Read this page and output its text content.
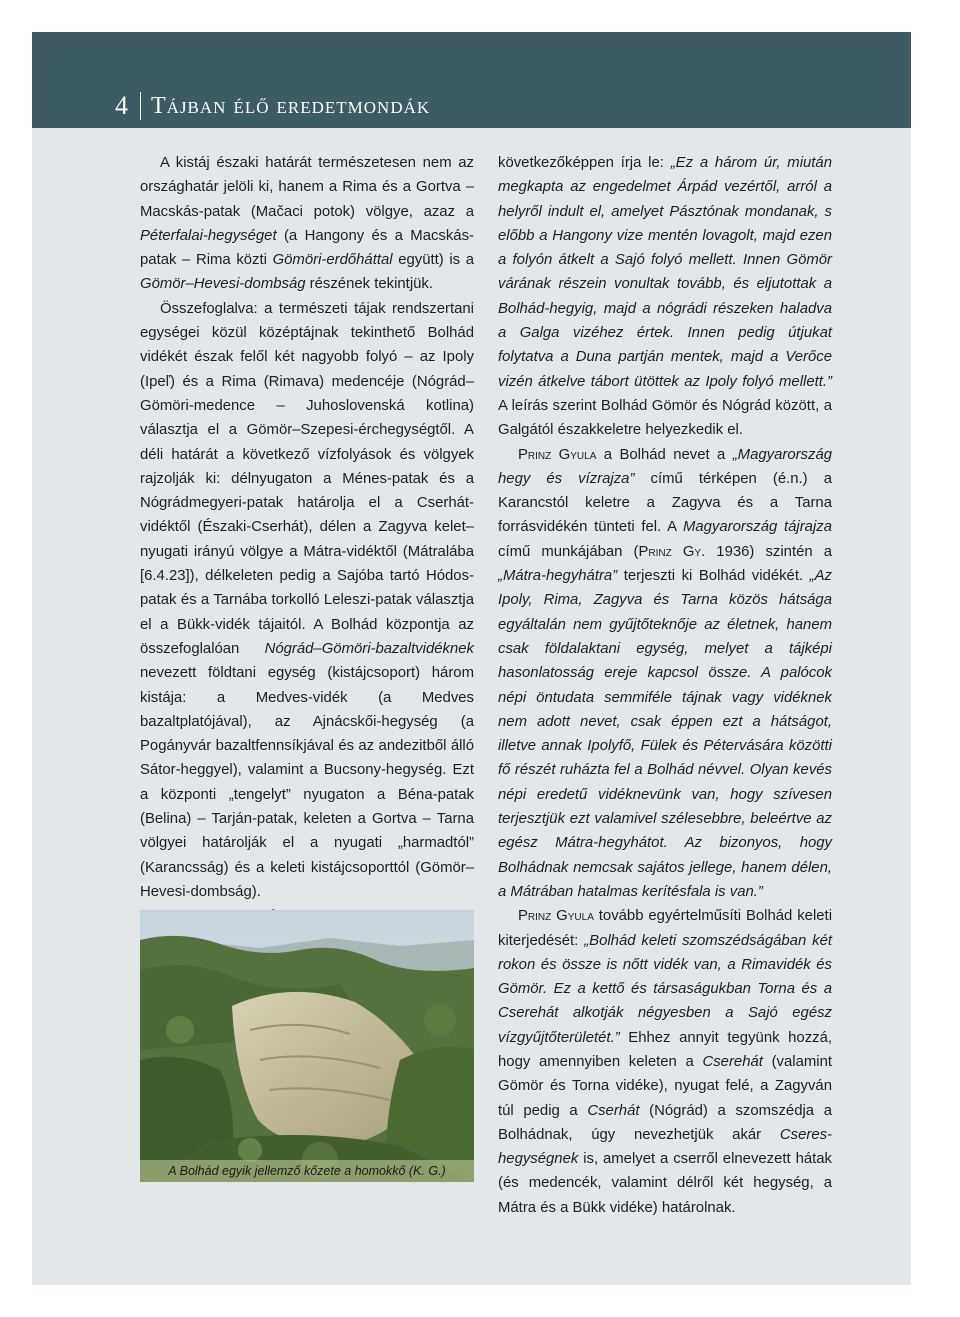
4 Tájban élő eredetmondák

A kistáj északi határát természetesen nem az országhatár jelöli ki, hanem a Rima és a Gortva – Macskás-patak (Mačaci potok) völgye, azaz a Péterfalai-hegységet (a Hangony és a Macskás-patak – Rima közti Gömöri-erdőháttal együtt) is a Gömör–Hevesi-dombság részének tekintjük.

Összefoglalva: a természeti tájak rendszertani egységei közül középtájnak tekinthető Bolhád vidékét észak felől két nagyobb folyó – az Ipoly (Ipeľ) és a Rima (Rimava) medencéje (Nógrád–Gömöri-medence – Juhoslovenská kotlina) választja el a Gömör–Szepesi-érchegységtől. A déli határát a következő vízfolyások és völgyek rajzolják ki: délnyugaton a Ménes-patak és a Nógrádmegyeri-patak határolja el a Cserhát-vidéktől (Északi-Cserhát), délen a Zagyva kelet–nyugati irányú völgye a Mátra-vidéktől (Mátralába [6.4.23]), délkeleten pedig a Sajóba tartó Hódos-patak és a Tarnába torkolló Leleszi-patak választja el a Bükk-vidék tájaitól. A Bolhád központja az összefoglalóan Nógrád–Gömöri-bazaltvidéknek nevezett földtani egység (kistájcsoport) három kistája: a Medves-vidék (a Medves bazaltplatójával), az Ajnácskői-hegység (a Pogányvár bazaltfennsíkjával és az andezitből álló Sátor-heggyel), valamint a Bucsony-hegység. Ezt a központi „tengelyt” nyugaton a Béna-patak (Belina) – Tarján-patak, keleten a Gortva – Tarna völgyei határolják el a nyugati „harmadtól” (Karancsság) és a keleti kistájcsoporttól (Gömör–Hevesi-dombság).

A Bolhád egyik jellemző kőzete a homokkő (K. G.)

következőképpen írja le: „Ez a három úr, miután megkapta az engedelmet Árpád vezértől, arról a helyről indult el, amelyet Pásztónak mondanak, s előbb a Hangony vize mentén lovagolt, majd ezen a folyón átkelt a Sajó folyó mellett. Innen Gömör várának részein vonultak tovább, és eljutottak a Bolhád-hegyig, majd a nógrádi részeken haladva a Galga vizéhez értek. Innen pedig útjukat folytatva a Duna partján mentek, majd a Verőce vizén átkelve tábort ütöttek az Ipoly folyó mellett.” A leírás szerint Bolhád Gömör és Nógrád között, a Galgától északkeletre helyezkedik el.

Prinz Gyula a Bolhád nevet a „Magyarország hegy és vízrajza” című térképen (é.n.) a Karancstól keletre a Zagyva és a Tarna forrásvidékén tünteti fel. A Magyarország tájrajza című munkájában (Prinz Gy. 1936) szintén a „Mátra-hegyhátra” terjeszti ki Bolhád vidékét. „Az Ipoly, Rima, Zagyva és Tarna közös hátsága egyáltalán nem gyűjtőteknője az életnek, hanem csak földalaktani egység, melyet a tájképi hasonlatosság ereje kapcsol össze. A palócok népi öntudata semmiféle tájnak vagy vidéknek nem adott nevet, csak éppen ezt a hátságot, illetve annak Ipolyfő, Fülek és Pétervására közötti fő részét ruházta fel a Bolhád névvel. Olyan kevés népi eredetű vidéknevünk van, hogy szívesen terjesztjük ezt valamivel szélesebbre, beleértve az egész Mátra-hegyhátot. Az bizonyos, hogy Bolhádnak nemcsak sajátos jellege, hanem délen, a Mátrában hatalmas kerítésfala is van.”

Prinz Gyula tovább egyértelműsíti Bolhád keleti kiterjedését: „Bolhád keleti szomszédságában két rokon és össze is nőtt vidék van, a Rimavidék és Gömör. Ez a kettő és társaságukban Torna és a Cserehát alkotják négyesben a Sajó egész vízgyűjtőterületét.” Ehhez annyit tegyünk hozzá, hogy amennyiben keleten a Cserehát (valamint Gömör és Torna vidéke), nyugat felé, a Zagyván túl pedig a Cserhát (Nógrád) a szomszédja a Bolhádnak, úgy nevezhetjük akár Cseres-hegységnek is, amelyet a cserről elnevezett hátak (és medencék, valamint délről két hegység, a Mátra és a Bükk vidéke) határolnak.
